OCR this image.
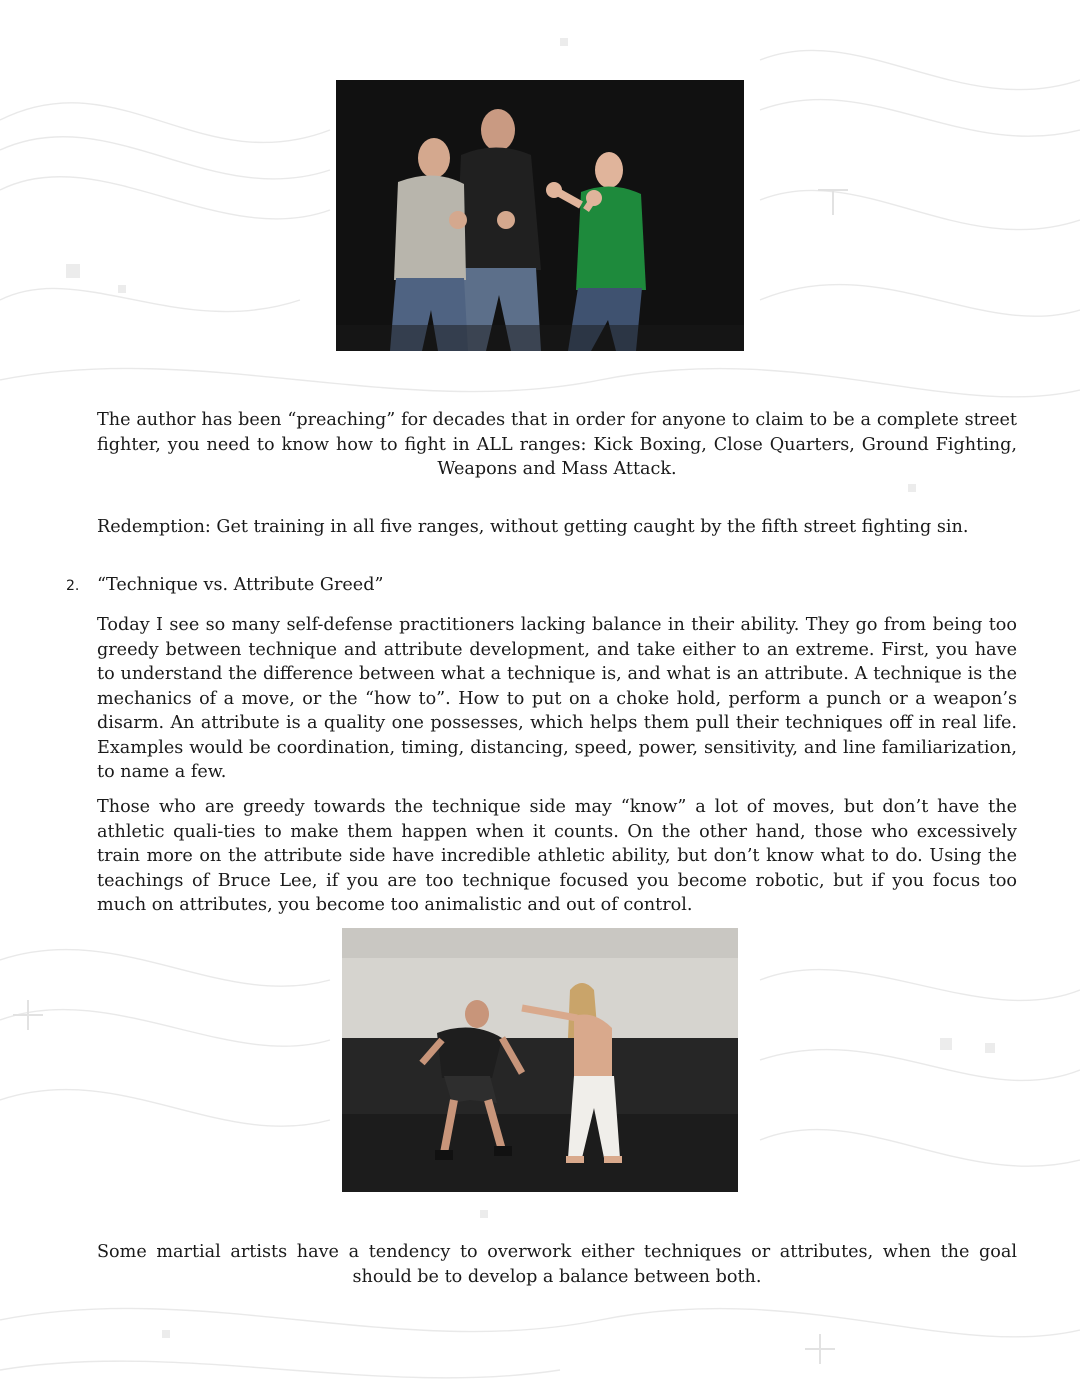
The author has been “preaching” for decades that in order for anyone to claim to be a complete street fighter, you need to know how to fight in ALL ranges: Kick Boxing, Close Quarters, Ground Fighting, Weapons and Mass Attack.
Redemption: Get training in all five ranges, without getting caught by the fifth street fighting sin.
2. “Technique vs. Attribute Greed”
Today I see so many self-defense practitioners lacking balance in their ability. They go from being too greedy between technique and attribute development, and take either to an extreme. First, you have to understand the difference between what a technique is, and what is an attribute. A technique is the mechanics of a move, or the “how to”. How to put on a choke hold, perform a punch or a weapon’s disarm. An attribute is a quality one possesses, which helps them pull their techniques off in real life. Examples would be coordination, timing, distancing, speed, power, sensitivity, and line familiarization, to name a few.
Those who are greedy towards the technique side may “know” a lot of moves, but don’t have the athletic quali-ties to make them happen when it counts. On the other hand, those who excessively train more on the attribute side have incredible athletic ability, but don’t know what to do. Using the teachings of Bruce Lee, if you are too technique focused you become robotic, but if you focus too much on attributes, you become too animalistic and out of control.
Some martial artists have a tendency to overwork either techniques or attributes, when the goal should be to develop a balance between both.
